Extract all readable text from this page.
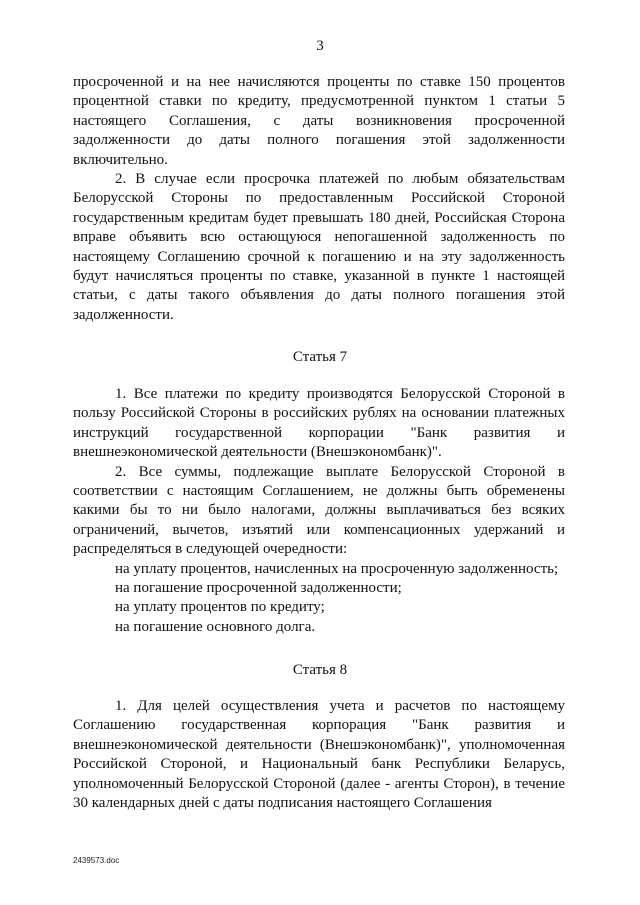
3

просроченной и на нее начисляются проценты по ставке 150 процентов процентной ставки по кредиту, предусмотренной пунктом 1 статьи 5 настоящего Соглашения, с даты возникновения просроченной задолженности до даты полного погашения этой задолженности включительно.

2. В случае если просрочка платежей по любым обязательствам Белорусской Стороны по предоставленным Российской Стороной государственным кредитам будет превышать 180 дней, Российская Сторона вправе объявить всю остающуюся непогашенной задолженность по настоящему Соглашению срочной к погашению и на эту задолженность будут начисляться проценты по ставке, указанной в пункте 1 настоящей статьи, с даты такого объявления до даты полного погашения этой задолженности.

Статья 7

1. Все платежи по кредиту производятся Белорусской Стороной в пользу Российской Стороны в российских рублях на основании платежных инструкций государственной корпорации "Банк развития и внешнеэкономической деятельности (Внешэкономбанк)".

2. Все суммы, подлежащие выплате Белорусской Стороной в соответствии с настоящим Соглашением, не должны быть обременены какими бы то ни было налогами, должны выплачиваться без всяких ограничений, вычетов, изъятий или компенсационных удержаний и распределяться в следующей очередности:

на уплату процентов, начисленных на просроченную задолженность;

на погашение просроченной задолженности;

на уплату процентов по кредиту;

на погашение основного долга.

Статья 8

1. Для целей осуществления учета и расчетов по настоящему Соглашению государственная корпорация "Банк развития и внешнеэкономической деятельности (Внешэкономбанк)", уполномоченная Российской Стороной, и Национальный банк Республики Беларусь, уполномоченный Белорусской Стороной (далее - агенты Сторон), в течение 30 календарных дней с даты подписания настоящего Соглашения

2439573.doc
